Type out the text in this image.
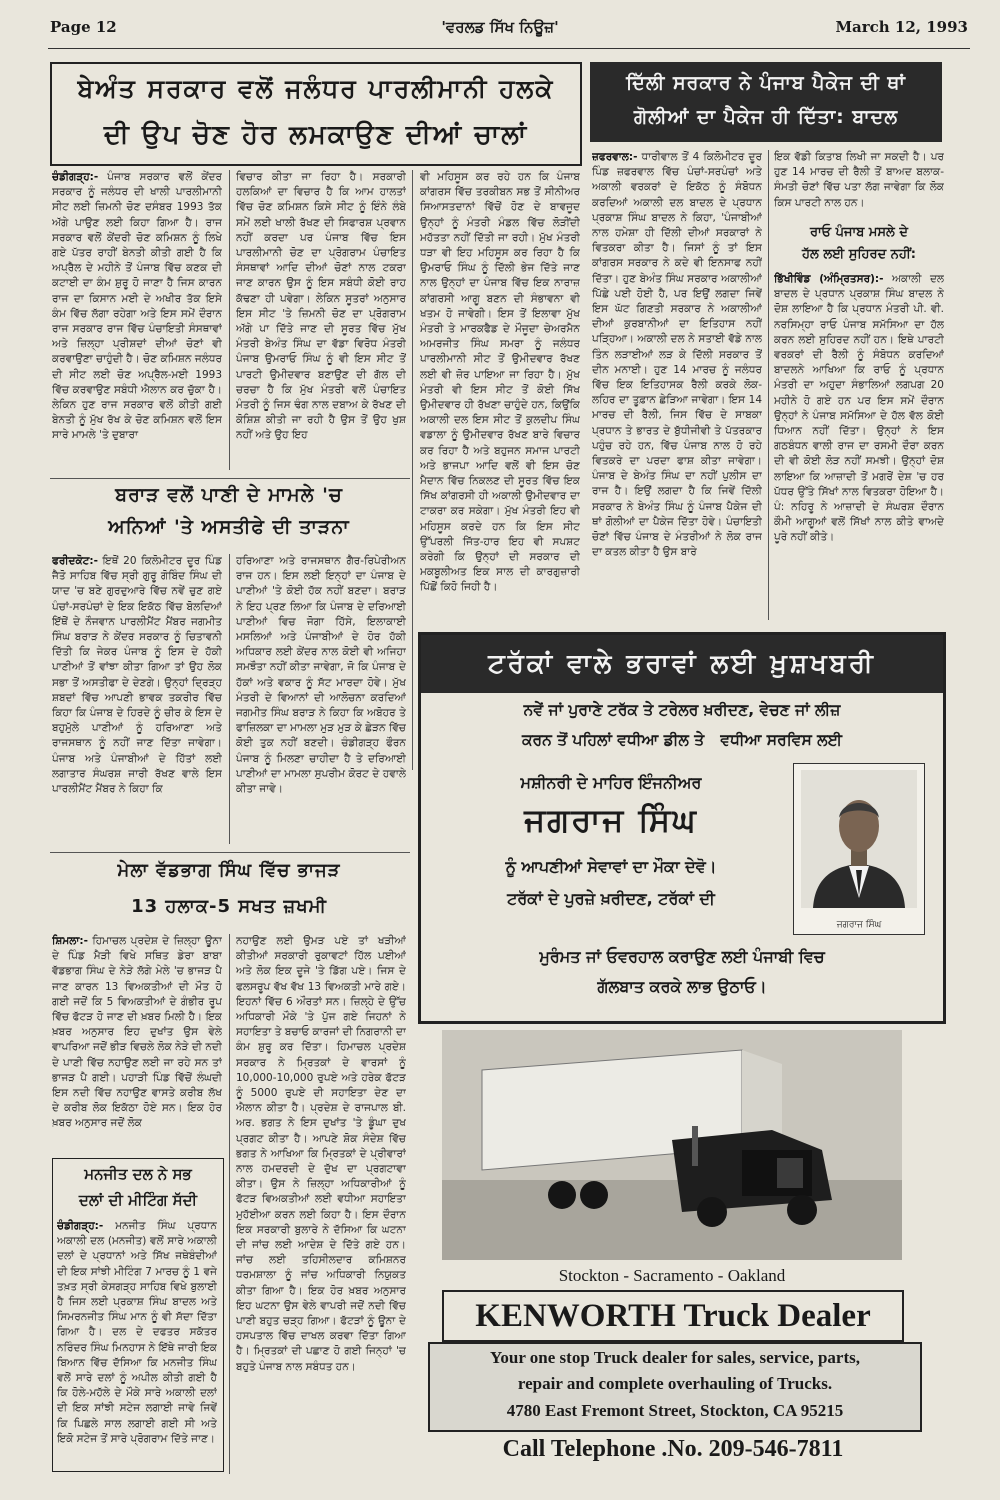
Page 12	'ਵਰਲਡ ਸਿੱਖ ਨਿਊਜ਼'	March 12, 1993
ਬੇਅੰਤ ਸਰਕਾਰ ਵਲੋਂ ਜਲੰਧਰ ਪਾਰਲੀਮਾਨੀ ਹਲਕੇ
ਦੀ ਉਪ ਚੋਣ ਹੋਰ ਲਮਕਾਉਣ ਦੀਆਂ ਚਾਲਾਂ
ਚੰਡੀਗੜ੍ਹ:- ਪੰਜਾਬ ਸਰਕਾਰ ਵਲੋਂ ਕੇਂਦਰ ਸਰਕਾਰ ਨੂੰ ਜਲੰਧਰ ਦੀ ਖਾਲੀ ਪਾਰਲੀਮਾਨੀ ਸੀਟ ਲਈ ਜ਼ਿਮਨੀ ਚੋਣ ਦਸੰਬਰ 1993 ਤੱਕ ਅੱਗੇ ਪਾਉਣ ਲਈ ਕਿਹਾ ਗਿਆ ਹੈ। ਰਾਜ ਸਰਕਾਰ ਵਲੋਂ ਕੇਂਦਰੀ ਚੋਣ ਕਮਿਸ਼ਨ ਨੂੰ ਲਿਖੇ ਗਏ ਪੱਤਰ ਰਾਹੀਂ ਬੇਨਤੀ ਕੀਤੀ ਗਈ ਹੈ ਕਿ ਅਪ੍ਰੈਲ ਦੇ ਮਹੀਨੇ ਤੋਂ ਪੰਜਾਬ ਵਿੱਚ ਕਣਕ ਦੀ ਕਟਾਈ ਦਾ ਕੰਮ ਸ਼ੁਰੂ ਹੋ ਜਾਣਾ ਹੈ ਜਿਸ ਕਾਰਨ ਰਾਜ ਦਾ ਕਿਸਾਨ ਮਈ ਦੇ ਅਖੀਰ ਤੱਕ ਇਸੇ ਕੰਮ ਵਿੱਚ ਲੱਗਾ ਰਹੇਗਾ ਅਤੇ ਇਸ ਸਮੇਂ ਦੌਰਾਨ ਰਾਜ ਸਰਕਾਰ ਰਾਜ ਵਿੱਚ ਪੰਚਾਇਤੀ ਸੰਸਥਾਵਾਂ ਅਤੇ ਜ਼ਿਲ੍ਹਾ ਪ੍ਰੀਸ਼ਦਾਂ ਦੀਆਂ ਚੋਣਾਂ ਵੀ ਕਰਵਾਉਣਾ ਚਾਹੁੰਦੀ ਹੈ। ਚੋਣ ਕਮਿਸ਼ਨ ਜਲੰਧਰ ਦੀ ਸੀਟ ਲਈ ਚੋਣ ਅਪ੍ਰੈਲ-ਮਈ 1993 ਵਿੱਚ ਕਰਵਾਉਣ ਸਬੰਧੀ ਐਲਾਨ ਕਰ ਚੁੱਕਾ ਹੈ। ਲੇਕਿਨ ਹੁਣ ਰਾਜ ਸਰਕਾਰ ਵਲੋਂ ਕੀਤੀ ਗਈ ਬੇਨਤੀ ਨੂੰ ਮੁੱਖ ਰੱਖ ਕੇ ਚੋਣ ਕਮਿਸ਼ਨ ਵਲੋਂ ਇਸ ਸਾਰੇ ਮਾਮਲੇ 'ਤੇ ਦੁਬਾਰਾ
ਵਿਚਾਰ ਕੀਤਾ ਜਾ ਰਿਹਾ ਹੈ। ਸਰਕਾਰੀ ਹਲਕਿਆਂ ਦਾ ਵਿਚਾਰ ਹੈ ਕਿ ਆਮ ਹਾਲਤਾਂ ਵਿੱਚ ਚੋਣ ਕਮਿਸ਼ਨ ਕਿਸੇ ਸੀਟ ਨੂੰ ਇੰਨੇ ਲੰਬੇ ਸਮੇਂ ਲਈ ਖਾਲੀ ਰੱਖਣ ਦੀ ਸਿਫਾਰਸ਼ ਪ੍ਰਵਾਨ ਨਹੀਂ ਕਰਦਾ ਪਰ ਪੰਜਾਬ ਵਿੱਚ ਇਸ ਪਾਰਲੀਮਾਨੀ ਚੋਣ ਦਾ ਪ੍ਰੋਗਰਾਮ ਪੰਚਾਇਤ ਸੰਸਥਾਵਾਂ ਆਦਿ ਦੀਆਂ ਚੋਣਾਂ ਨਾਲ ਟਕਰਾ ਜਾਣ ਕਾਰਨ ਉਸ ਨੂੰ ਇਸ ਸਬੰਧੀ ਕੋਈ ਰਾਹ ਕੱਢਣਾ ਹੀ ਪਵੇਗਾ। ਲੇਕਿਨ ਸੂਤਰਾਂ ਅਨੁਸਾਰ ਇਸ ਸੀਟ 'ਤੇ ਜ਼ਿਮਨੀ ਚੋਣ ਦਾ ਪ੍ਰੋਗਰਾਮ ਅੱਗੇ ਪਾ ਦਿੱਤੇ ਜਾਣ ਦੀ ਸੂਰਤ ਵਿੱਚ ਮੁੱਖ ਮੰਤਰੀ ਬੇਅੰਤ ਸਿੰਘ ਦਾ ਵੱਡਾ ਵਿਰੋਧ ਮੰਤਰੀ ਪੰਜਾਬ ਉਮਰਾਓ ਸਿੰਘ ਨੂੰ ਵੀ ਇਸ ਸੀਟ ਤੋਂ ਪਾਰਟੀ ਉਮੀਦਵਾਰ ਬਣਾਉਣ ਦੀ ਗੱਲ ਦੀ ਚਰਚਾ ਹੈ ਕਿ ਮੁੱਖ ਮੰਤਰੀ ਵਲੋਂ ਪੰਚਾਇਤ ਮੰਤਰੀ ਨੂੰ ਜਿਸ ਢੰਗ ਨਾਲ ਦਬਾਅ ਕੇ ਰੱਖਣ ਦੀ ਕੋਸ਼ਿਸ਼ ਕੀਤੀ ਜਾ ਰਹੀ ਹੈ ਉਸ ਤੋਂ ਉਹ ਖੁਸ਼ ਨਹੀਂ ਅਤੇ ਉਹ ਇਹ
ਵੀ ਮਹਿਸੂਸ ਕਰ ਰਹੇ ਹਨ ਕਿ ਪੰਜਾਬ ਕਾਂਗਰਸ ਵਿੱਚ ਤਰਕੀਬਨ ਸਭ ਤੋਂ ਸੀਨੀਅਰ ਸਿਆਸਤਦਾਨਾਂ ਵਿੱਚੋਂ ਹੋਣ ਦੇ ਬਾਵਜੂਦ ਉਨ੍ਹਾਂ ਨੂੰ ਮੰਤਰੀ ਮੰਡਲ ਵਿੱਚ ਲੋੜੀਂਦੀ ਮਹੱਤਤਾ ਨਹੀਂ ਦਿੱਤੀ ਜਾ ਰਹੀ। ਮੁੱਖ ਮੰਤਰੀ ਧੜਾ ਵੀ ਇਹ ਮਹਿਸੂਸ ਕਰ ਰਿਹਾ ਹੈ ਕਿ ਉਮਰਾਓ ਸਿੰਘ ਨੂੰ ਦਿੱਲੀ ਭੇਜ ਦਿੱਤੇ ਜਾਣ ਨਾਲ ਉਨ੍ਹਾਂ ਦਾ ਪੰਜਾਬ ਵਿੱਚ ਇਕ ਨਾਰਾਜ਼ ਕਾਂਗਰਸੀ ਆਗੂ ਬਣਨ ਦੀ ਸੰਭਾਵਨਾ ਵੀ ਖਤਮ ਹੋ ਜਾਵੇਗੀ। ਇਸ ਤੋਂ ਇਲਾਵਾ ਮੁੱਖ ਮੰਤਰੀ ਤੇ ਮਾਰਕਫੈਡ ਦੇ ਮੌਜੂਦਾ ਚੇਅਰਮੈਨ ਅਮਰਜੀਤ ਸਿੰਘ ਸਮਰਾ ਨੂੰ ਜਲੰਧਰ ਪਾਰਲੀਮਾਨੀ ਸੀਟ ਤੋਂ ਉਮੀਦਵਾਰ ਰੱਖਣ ਲਈ ਵੀ ਜ਼ੋਰ ਪਾਇਆ ਜਾ ਰਿਹਾ ਹੈ। ਮੁੱਖ ਮੰਤਰੀ ਵੀ ਇਸ ਸੀਟ ਤੋਂ ਕੋਈ ਸਿੱਖ ਉਮੀਦਵਾਰ ਹੀ ਰੱਖਣਾ ਚਾਹੁੰਦੇ ਹਨ, ਕਿਉਂਕਿ ਅਕਾਲੀ ਦਲ ਇਸ ਸੀਟ ਤੋਂ ਕੁਲਦੀਪ ਸਿੰਘ ਵਡਾਲਾ ਨੂੰ ਉਮੀਦਵਾਰ ਰੱਖਣ ਬਾਰੇ ਵਿਚਾਰ ਕਰ ਰਿਹਾ ਹੈ ਅਤੇ ਬਹੁਜਨ ਸਮਾਜ ਪਾਰਟੀ ਅਤੇ ਭਾਜਪਾ ਆਦਿ ਵਲੋਂ ਵੀ ਇਸ ਚੋਣ ਮੈਦਾਨ ਵਿੱਚ ਨਿਕਲਣ ਦੀ ਸੂਰਤ ਵਿੱਚ ਇਕ ਸਿੱਖ ਕਾਂਗਰਸੀ ਹੀ ਅਕਾਲੀ ਉਮੀਦਵਾਰ ਦਾ ਟਾਕਰਾ ਕਰ ਸਕੇਗਾ। ਮੁੱਖ ਮੰਤਰੀ ਇਹ ਵੀ ਮਹਿਸੂਸ ਕਰਦੇ ਹਨ ਕਿ ਇਸ ਸੀਟ ਉੱਪਰਲੀ ਜਿੱਤ-ਹਾਰ ਇਹ ਵੀ ਸਪਸ਼ਟ ਕਰੇਗੀ ਕਿ ਉਨ੍ਹਾਂ ਦੀ ਸਰਕਾਰ ਦੀ ਮਕਬੂਲੀਅਤ ਇਕ ਸਾਲ ਦੀ ਕਾਰਗੁਜ਼ਾਰੀ ਪਿੱਛੋਂ ਕਿਹੋ ਜਿਹੀ ਹੈ।
ਬਰਾੜ ਵਲੋਂ ਪਾਣੀ ਦੇ ਮਾਮਲੇ 'ਚ
ਅਨਿਆਂ 'ਤੇ ਅਸਤੀਫੇ ਦੀ ਤਾੜਨਾ
ਫਰੀਦਕੋਟ:- ਇਥੋਂ 20 ਕਿਲੋਮੀਟਰ ਦੂਰ ਪਿੰਡ ਜੈਤੋ ਸਾਹਿਬ ਵਿੱਚ ਸ੍ਰੀ ਗੁਰੂ ਗੋਬਿੰਦ ਸਿੰਘ ਦੀ ਯਾਦ 'ਚ ਬਣੇ ਗੁਰਦੁਆਰੇ ਵਿੱਚ ਨਵੇਂ ਚੁਣ ਗਏ ਪੰਚਾਂ-ਸਰਪੰਚਾਂ ਦੇ ਇਕ ਇਕੱਠ ਵਿੱਚ ਬੋਲਦਿਆਂ ਇੱਥੋਂ ਦੇ ਨੌਜਵਾਨ ਪਾਰਲੀਮੈਂਟ ਮੈਂਬਰ ਜਗਮੀਤ ਸਿੰਘ ਬਰਾੜ ਨੇ ਕੇਂਦਰ ਸਰਕਾਰ ਨੂੰ ਚਿਤਾਵਨੀ ਦਿੱਤੀ ਕਿ ਜੇਕਰ ਪੰਜਾਬ ਨੂੰ ਇਸ ਦੇ ਹੱਕੀ ਪਾਣੀਆਂ ਤੋਂ ਵਾਂਝਾ ਕੀਤਾ ਗਿਆ ਤਾਂ ਉਹ ਲੋਕ ਸਭਾ ਤੋਂ ਅਸਤੀਫਾ ਦੇ ਦੇਣਗੇ। ਉਨ੍ਹਾਂ ਦ੍ਰਿੜ੍ਹ ਸ਼ਬਦਾਂ ਵਿੱਚ ਆਪਣੀ ਭਾਵਕ ਤਕਰੀਰ ਵਿੱਚ ਕਿਹਾ ਕਿ ਪੰਜਾਬ ਦੇ ਹਿਰਦੇ ਨੂੰ ਚੀਰ ਕੇ ਇਸ ਦੇ ਬਹੁਮੁੱਲੇ ਪਾਣੀਆਂ ਨੂੰ ਹਰਿਆਣਾ ਅਤੇ ਰਾਜਸਥਾਨ ਨੂੰ ਨਹੀਂ ਜਾਣ ਦਿੱਤਾ ਜਾਵੇਗਾ। ਪੰਜਾਬ ਅਤੇ ਪੰਜਾਬੀਆਂ ਦੇ ਹਿੱਤਾਂ ਲਈ ਲਗਾਤਾਰ ਸੰਘਰਸ਼ ਜਾਰੀ ਰੱਖਣ ਵਾਲੇ ਇਸ ਪਾਰਲੀਮੈਂਟ ਮੈਂਬਰ ਨੇ ਕਿਹਾ ਕਿ
ਹਰਿਆਣਾ ਅਤੇ ਰਾਜਸਥਾਨ ਗੈਰ-ਰਿਪੇਰੀਅਨ ਰਾਜ ਹਨ। ਇਸ ਲਈ ਇਨ੍ਹਾਂ ਦਾ ਪੰਜਾਬ ਦੇ ਪਾਣੀਆਂ 'ਤੇ ਕੋਈ ਹੱਕ ਨਹੀਂ ਬਣਦਾ। ਬਰਾੜ ਨੇ ਇਹ ਪ੍ਰਣ ਲਿਆ ਕਿ ਪੰਜਾਬ ਦੇ ਦਰਿਆਈ ਪਾਣੀਆਂ ਵਿਚ ਜੋਗਾ ਹਿੱਸੇ, ਇਲਾਕਾਈ ਮਸਲਿਆਂ ਅਤੇ ਪੰਜਾਬੀਆਂ ਦੇ ਹੋਰ ਹੱਕੀ ਅਧਿਕਾਰ ਲਈ ਕੇਂਦਰ ਨਾਲ ਕੋਈ ਵੀ ਅਜਿਹਾ ਸਮਝੌਤਾ ਨਹੀਂ ਕੀਤਾ ਜਾਵੇਗਾ, ਜੋ ਕਿ ਪੰਜਾਬ ਦੇ ਹੱਕਾਂ ਅਤੇ ਵਕਾਰ ਨੂੰ ਸੱਟ ਮਾਰਦਾ ਹੋਵੇ। ਮੁੱਖ ਮੰਤਰੀ ਦੇ ਵਿਆਨਾਂ ਦੀ ਆਲੋਚਨਾ ਕਰਦਿਆਂ ਜਗਮੀਤ ਸਿੰਘ ਬਰਾੜ ਨੇ ਕਿਹਾ ਕਿ ਅਬੋਹਰ ਤੇ ਫਾਜ਼ਿਲਕਾ ਦਾ ਮਾਮਲਾ ਮੁੜ ਮੁੜ ਕੇ ਛੇੜਨ ਵਿੱਚ ਕੋਈ ਤੁਕ ਨਹੀਂ ਬਣਦੀ। ਚੰਡੀਗੜ੍ਹ ਫੌਰਨ ਪੰਜਾਬ ਨੂੰ ਮਿਲਣਾ ਚਾਹੀਦਾ ਹੈ ਤੇ ਦਰਿਆਈ ਪਾਣੀਆਂ ਦਾ ਮਾਮਲਾ ਸੁਪਰੀਮ ਕੋਰਟ ਦੇ ਹਵਾਲੇ ਕੀਤਾ ਜਾਵੇ।
ਮੇਲਾ ਵੱਡਭਾਗ ਸਿੰਘ ਵਿੱਚ ਭਾਜੜ
13 ਹਲਾਕ-5 ਸਖਤ ਜ਼ਖਮੀ
ਸ਼ਿਮਲਾ:- ਹਿਮਾਚਲ ਪ੍ਰਦੇਸ਼ ਦੇ ਜ਼ਿਲ੍ਹਾ ਊਨਾ ਦੇ ਪਿੰਡ ਮੈੜੀ ਵਿਖੇ ਸਥਿਤ ਡੇਰਾ ਬਾਬਾ ਵੱਡਭਾਗ ਸਿੰਘ ਦੇ ਨੇੜੇ ਲੱਗੇ ਮੇਲੇ 'ਚ ਭਾਜੜ ਪੈ ਜਾਣ ਕਾਰਨ 13 ਵਿਅਕਤੀਆਂ ਦੀ ਮੌਤ ਹੋ ਗਈ ਜਦੋਂ ਕਿ 5 ਵਿਅਕਤੀਆਂ ਦੇ ਗੰਭੀਰ ਰੂਪ ਵਿੱਚ ਫੱਟੜ ਹੋ ਜਾਣ ਦੀ ਖ਼ਬਰ ਮਿਲੀ ਹੈ। ਇਕ ਖ਼ਬਰ ਅਨੁਸਾਰ ਇਹ ਦੁਖਾਂਤ ਉਸ ਵੇਲੇ ਵਾਪਰਿਆ ਜਦੋਂ ਭੀੜ ਵਿਚਲੇ ਲੋਕ ਨੇੜੇ ਦੀ ਨਦੀ ਦੇ ਪਾਣੀ ਵਿੱਚ ਨਹਾਉਣ ਲਈ ਜਾ ਰਹੇ ਸਨ ਤਾਂ ਭਾਜੜ ਪੈ ਗਈ। ਪਹਾੜੀ ਪਿੰਡ ਵਿੱਚੋਂ ਲੰਘਦੀ ਇਸ ਨਦੀ ਵਿੱਚ ਨਹਾਉਣ ਵਾਸਤੇ ਕਰੀਬ ਲੱਖ ਦੇ ਕਰੀਬ ਲੋਕ ਇਕੱਠਾ ਹੋਏ ਸਨ। ਇਕ ਹੋਰ ਖ਼ਬਰ ਅਨੁਸਾਰ ਜਦੋਂ ਲੋਕ
ਨਹਾਉਣ ਲਈ ਉਮੜ ਪਏ ਤਾਂ ਖੜੀਆਂ ਕੀਤੀਆਂ ਸਰਕਾਰੀ ਰੁਕਾਵਟਾਂ ਹਿੱਲ ਪਈਆਂ ਅਤੇ ਲੋਕ ਇਕ ਦੂਜੇ 'ਤੇ ਡਿੱਗ ਪਏ। ਜਿਸ ਦੇ ਫਲਸਰੂਪ ਵੱਖ ਵੱਖ 13 ਵਿਅਕਤੀ ਮਾਰੇ ਗਏ। ਇਹਨਾਂ ਵਿੱਚ 6 ਔਰਤਾਂ ਸਨ। ਜ਼ਿਲ੍ਹੇ ਦੇ ਉੱਚ ਅਧਿਕਾਰੀ ਮੌਕੇ 'ਤੇ ਪੁੱਜ ਗਏ ਜਿਹਨਾਂ ਨੇ ਸਹਾਇਤਾ ਤੇ ਬਚਾਓ ਕਾਰਜਾਂ ਦੀ ਨਿਗਰਾਨੀ ਦਾ ਕੰਮ ਸ਼ੁਰੂ ਕਰ ਦਿੱਤਾ। ਹਿਮਾਚਲ ਪ੍ਰਦੇਸ਼ ਸਰਕਾਰ ਨੇ ਮ੍ਰਿਤਕਾਂ ਦੇ ਵਾਰਸਾਂ ਨੂੰ 10,000-10,000 ਰੁਪਏ ਅਤੇ ਹਰੇਕ ਫੱਟੜ ਨੂੰ 5000 ਰੁਪਏ ਦੀ ਸਹਾਇਤਾ ਦੇਣ ਦਾ ਐਲਾਨ ਕੀਤਾ ਹੈ। ਪ੍ਰਦੇਸ਼ ਦੇ ਰਾਜਪਾਲ ਬੀ. ਅਰ. ਭਗਤ ਨੇ ਇਸ ਦੁਖਾਂਤ 'ਤੇ ਡੂੰਘਾ ਦੁਖ ਪ੍ਰਗਟ ਕੀਤਾ ਹੈ। ਆਪਣੇ ਸ਼ੋਕ ਸੰਦੇਸ਼ ਵਿੱਚ ਭਗਤ ਨੇ ਆਖਿਆ ਕਿ ਮ੍ਰਿਤਕਾਂ ਦੇ ਪ੍ਰੀਵਾਰਾਂ ਨਾਲ ਹਮਦਰਦੀ ਦੇ ਦੁੱਖ ਦਾ ਪ੍ਰਗਟਾਵਾ ਕੀਤਾ। ਉਸ ਨੇ ਜ਼ਿਲ੍ਹਾ ਅਧਿਕਾਰੀਆਂ ਨੂੰ ਫੱਟੜ ਵਿਅਕਤੀਆਂ ਲਈ ਵਧੀਆ ਸਹਾਇਤਾ ਮੁਹੱਈਆ ਕਰਨ ਲਈ ਕਿਹਾ ਹੈ। ਇਸ ਦੌਰਾਨ ਇਕ ਸਰਕਾਰੀ ਬੁਲਾਰੇ ਨੇ ਦੱਸਿਆ ਕਿ ਘਟਨਾ ਦੀ ਜਾਂਚ ਲਈ ਆਦੇਸ਼ ਦੇ ਦਿੱਤੇ ਗਏ ਹਨ। ਜਾਂਚ ਲਈ ਤਹਿਸੀਲਦਾਰ ਕਮਿਸ਼ਨਰ ਧਰਮਸ਼ਾਲਾ ਨੂੰ ਜਾਂਚ ਅਧਿਕਾਰੀ ਨਿਯੁਕਤ ਕੀਤਾ ਗਿਆ ਹੈ। ਇਕ ਹੋਰ ਖ਼ਬਰ ਅਨੁਸਾਰ ਇਹ ਘਟਨਾ ਉਸ ਵੇਲੇ ਵਾਪਰੀ ਜਦੋਂ ਨਦੀ ਵਿੱਚ ਪਾਣੀ ਬਹੁਤ ਚੜ੍ਹ ਗਿਆ। ਫੱਟੜਾਂ ਨੂੰ ਊਨਾ ਦੇ ਹਸਪਤਾਲ ਵਿੱਚ ਦਾਖਲ ਕਰਵਾ ਦਿੱਤਾ ਗਿਆ ਹੈ। ਮ੍ਰਿਤਕਾਂ ਦੀ ਪਛਾਣ ਹੋ ਗਈ ਜਿਨ੍ਹਾਂ 'ਚ ਬਹੁਤੇ ਪੰਜਾਬ ਨਾਲ ਸਬੰਧਤ ਹਨ।
ਮਨਜੀਤ ਦਲ ਨੇ ਸਭ
ਦਲਾਂ ਦੀ ਮੀਟਿੰਗ ਸੱਦੀ
ਚੰਡੀਗੜ੍ਹ:- ਮਨਜੀਤ ਸਿੰਘ ਪ੍ਰਧਾਨ ਅਕਾਲੀ ਦਲ (ਮਨਜੀਤ) ਵਲੋਂ ਸਾਰੇ ਅਕਾਲੀ ਦਲਾਂ ਦੇ ਪ੍ਰਧਾਨਾਂ ਅਤੇ ਸਿੱਖ ਜਥੇਬੰਦੀਆਂ ਦੀ ਇਕ ਸਾਂਝੀ ਮੀਟਿੰਗ 7 ਮਾਰਚ ਨੂੰ 1 ਵਜੇ ਤਖ਼ਤ ਸ੍ਰੀ ਕੇਸਗੜ੍ਹ ਸਾਹਿਬ ਵਿਖੇ ਬੁਲਾਈ ਹੈ ਜਿਸ ਲਈ ਪ੍ਰਕਾਸ਼ ਸਿੰਘ ਬਾਦਲ ਅਤੇ ਸਿਮਰਨਜੀਤ ਸਿੰਘ ਮਾਨ ਨੂੰ ਵੀ ਸੱਦਾ ਦਿੱਤਾ ਗਿਆ ਹੈ। ਦਲ ਦੇ ਦਫਤਰ ਸਕੱਤਰ ਨਰਿੰਦਰ ਸਿੰਘ ਮਿਨਹਾਸ ਨੇ ਇੱਥੇ ਜਾਰੀ ਇਕ ਬਿਆਨ ਵਿੱਚ ਦੱਸਿਆ ਕਿ ਮਨਜੀਤ ਸਿੰਘ ਵਲੋਂ ਸਾਰੇ ਦਲਾਂ ਨੂੰ ਅਪੀਲ ਕੀਤੀ ਗਈ ਹੈ ਕਿ ਹੋਲੇ-ਮਹੱਲੇ ਦੇ ਮੌਕੇ ਸਾਰੇ ਅਕਾਲੀ ਦਲਾਂ ਦੀ ਇਕ ਸਾਂਝੀ ਸਟੇਜ ਲਗਾਈ ਜਾਵੇ ਜਿਵੇਂ ਕਿ ਪਿਛਲੇ ਸਾਲ ਲਗਾਈ ਗਈ ਸੀ ਅਤੇ ਇਕੋ ਸਟੇਜ ਤੋਂ ਸਾਰੇ ਪ੍ਰੋਗਰਾਮ ਦਿੱਤੇ ਜਾਣ।
ਦਿੱਲੀ ਸਰਕਾਰ ਨੇ ਪੰਜਾਬ ਪੈਕੇਜ ਦੀ ਥਾਂ
ਗੋਲੀਆਂ ਦਾ ਪੈਕੇਜ ਹੀ ਦਿੱਤਾ: ਬਾਦਲ
ਜ਼ਫਰਵਾਲ:- ਧਾਰੀਵਾਲ ਤੋਂ 4 ਕਿਲੋਮੀਟਰ ਦੂਰ ਪਿੰਡ ਜ਼ਫਰਵਾਲ ਵਿੱਚ ਪੰਚਾਂ-ਸਰਪੰਚਾਂ ਅਤੇ ਅਕਾਲੀ ਵਰਕਰਾਂ ਦੇ ਇਕੱਠ ਨੂੰ ਸੰਬੋਧਨ ਕਰਦਿਆਂ ਅਕਾਲੀ ਦਲ ਬਾਦਲ ਦੇ ਪ੍ਰਧਾਨ ਪ੍ਰਕਾਸ਼ ਸਿੰਘ ਬਾਦਲ ਨੇ ਕਿਹਾ, 'ਪੰਜਾਬੀਆਂ ਨਾਲ ਹਮੇਸ਼ਾ ਹੀ ਦਿੱਲੀ ਦੀਆਂ ਸਰਕਾਰਾਂ ਨੇ ਵਿਤਕਰਾ ਕੀਤਾ ਹੈ। ਜਿਸਾਂ ਨੂੰ ਤਾਂ ਇਸ ਕਾਂਗਰਸ ਸਰਕਾਰ ਨੇ ਕਦੇ ਵੀ ਇਨਸਾਫ ਨਹੀਂ ਦਿੱਤਾ। ਹੁਣ ਬੇਅੰਤ ਸਿੰਘ ਸਰਕਾਰ ਅਕਾਲੀਆਂ ਪਿੱਛੇ ਪਈ ਹੋਈ ਹੈ, ਪਰ ਇਉਂ ਲਗਦਾ ਜਿਵੇਂ ਇਸ ਘੱਟ ਗਿਣਤੀ ਸਰਕਾਰ ਨੇ ਅਕਾਲੀਆਂ ਦੀਆਂ ਕੁਰਬਾਨੀਆਂ ਦਾ ਇਤਿਹਾਸ ਨਹੀਂ ਪੜ੍ਹਿਆ। ਅਕਾਲੀ ਦਲ ਨੇ ਸਤਾਈ ਵੱਡੇ ਨਾਲ ਤਿੰਨ ਲੜਾਈਆਂ ਲੜ ਕੇ ਦਿੱਲੀ ਸਰਕਾਰ ਤੋਂ ਦੀਨ ਮਨਾਈ। ਹੁਣ 14 ਮਾਰਚ ਨੂੰ ਜਲੰਧਰ ਵਿੱਚ ਇਕ ਇਤਿਹਾਸਕ ਰੈਲੀ ਕਰਕੇ ਲੋਕ-ਲਹਿਰ ਦਾ ਤੂਫ਼ਾਨ ਛੇੜਿਆ ਜਾਵੇਗਾ। ਇਸ 14 ਮਾਰਚ ਦੀ ਰੈਲੀ, ਜਿਸ ਵਿੱਚ ਦੇ ਸਾਬਕਾ ਪ੍ਰਧਾਨ ਤੇ ਭਾਰਤ ਦੇ ਬੁੱਧੀਜੀਵੀ ਤੇ ਪੱਤਰਕਾਰ ਪਹੁੰਚ ਰਹੇ ਹਨ, ਵਿੱਚ ਪੰਜਾਬ ਨਾਲ ਹੋ ਰਹੇ ਵਿਤਕਰੇ ਦਾ ਪਰਦਾ ਫਾਸ਼ ਕੀਤਾ ਜਾਵੇਗਾ। ਪੰਜਾਬ ਦੇ ਬੇਅੰਤ ਸਿੰਘ ਦਾ ਨਹੀਂ ਪੁਲੀਸ ਦਾ ਰਾਜ ਹੈ। ਇਉਂ ਲਗਦਾ ਹੈ ਕਿ ਜਿਵੇਂ ਦਿੱਲੀ ਸਰਕਾਰ ਨੇ ਬੇਅੰਤ ਸਿੰਘ ਨੂੰ ਪੰਜਾਬ ਪੈਕੇਜ ਦੀ ਥਾਂ ਗੋਲੀਆਂ ਦਾ ਪੈਕੇਜ ਦਿੱਤਾ ਹੋਵੇ। ਪੰਚਾਇਤੀ ਚੋਣਾਂ ਵਿੱਚ ਪੰਜਾਬ ਦੇ ਮੰਤਰੀਆਂ ਨੇ ਲੋਕ ਰਾਜ ਦਾ ਕਤਲ ਕੀਤਾ ਹੈ ਉਸ ਬਾਰੇ
ਇਕ ਵੱਡੀ ਕਿਤਾਬ ਲਿਖੀ ਜਾ ਸਕਦੀ ਹੈ। ਪਰ ਹੁਣ 14 ਮਾਰਚ ਦੀ ਰੈਲੀ ਤੋਂ ਬਾਅਦ ਬਲਾਕ-ਸੰਮਤੀ ਚੋਣਾਂ ਵਿੱਚ ਪਤਾ ਲੱਗ ਜਾਵੇਗਾ ਕਿ ਲੋਕ ਕਿਸ ਪਾਰਟੀ ਨਾਲ ਹਨ।
ਰਾਓ ਪੰਜਾਬ ਮਸਲੇ ਦੇ
ਹੱਲ ਲਈ ਸੁਹਿਰਦ ਨਹੀਂ:
ਭਿੱਖੀਵਿੰਡ (ਅੰਮ੍ਰਿਤਸਰ):- ਅਕਾਲੀ ਦਲ ਬਾਦਲ ਦੇ ਪ੍ਰਧਾਨ ਪ੍ਰਕਾਸ਼ ਸਿੰਘ ਬਾਦਲ ਨੇ ਦੋਸ਼ ਲਾਇਆ ਹੈ ਕਿ ਪ੍ਰਧਾਨ ਮੰਤਰੀ ਪੀ. ਵੀ. ਨਰਸਿਮ੍ਹਾ ਰਾਓ ਪੰਜਾਬ ਸਮੱਸਿਆ ਦਾ ਹੱਲ ਕਰਨ ਲਈ ਸੁਹਿਰਦ ਨਹੀਂ ਹਨ। ਇਥੇ ਪਾਰਟੀ ਵਰਕਰਾਂ ਦੀ ਰੈਲੀ ਨੂੰ ਸੰਬੋਧਨ ਕਰਦਿਆਂ ਬਾਦਲਨੇ ਆਖਿਆ ਕਿ ਰਾਓ ਨੂੰ ਪ੍ਰਧਾਨ ਮੰਤਰੀ ਦਾ ਅਹੁਦਾ ਸੰਭਾਲਿਆਂ ਲਗਪਗ 20 ਮਹੀਨੇ ਹੋ ਗਏ ਹਨ ਪਰ ਇਸ ਸਮੇਂ ਦੌਰਾਨ ਉਨ੍ਹਾਂ ਨੇ ਪੰਜਾਬ ਸਮੱਸਿਆ ਦੇ ਹੱਲ ਵੱਲ ਕੋਈ ਧਿਆਨ ਨਹੀਂ ਦਿੱਤਾ। ਉਨ੍ਹਾਂ ਨੇ ਇਸ ਗਠਬੰਧਨ ਵਾਲੀ ਰਾਜ ਦਾ ਰਸਮੀ ਦੌਰਾ ਕਰਨ ਦੀ ਵੀ ਕੋਈ ਲੋੜ ਨਹੀਂ ਸਮਝੀ। ਉਨ੍ਹਾਂ ਦੋਸ਼ ਲਾਇਆ ਕਿ ਆਜ਼ਾਦੀ ਤੋਂ ਮਗਰੋਂ ਦੇਸ਼ 'ਚ ਹਰ ਪੱਧਰ ਉੱਤੇ ਸਿੱਖਾਂ ਨਾਲ ਵਿਤਕਰਾ ਹੋਇਆ ਹੈ। ਪੰ: ਨਹਿਰੂ ਨੇ ਆਜ਼ਾਦੀ ਦੇ ਸੰਘਰਸ਼ ਦੌਰਾਨ ਕੌਮੀ ਆਗੂਆਂ ਵਲੋਂ ਸਿੱਖਾਂ ਨਾਲ ਕੀਤੇ ਵਾਅਦੇ ਪੂਰੇ ਨਹੀਂ ਕੀਤੇ।
ਟਰੱਕਾਂ ਵਾਲੇ ਭਰਾਵਾਂ ਲਈ ਖ਼ੁਸ਼ਖਬਰੀ
ਨਵੇਂ ਜਾਂ ਪੁਰਾਣੇ ਟਰੱਕ ਤੇ ਟਰੇਲਰ ਖ਼ਰੀਦਣ, ਵੇਚਣ ਜਾਂ ਲੀਜ਼
ਕਰਨ ਤੋਂ ਪਹਿਲਾਂ ਵਧੀਆ ਡੀਲ ਤੇ   ਵਧੀਆ ਸਰਵਿਸ ਲਈ
ਮਸ਼ੀਨਰੀ ਦੇ ਮਾਹਿਰ ਇੰਜਨੀਅਰ
ਜਗਰਾਜ ਸਿੰਘ
ਜਗਰਾਜ ਸਿੰਘ
ਨੂੰ ਆਪਣੀਆਂ ਸੇਵਾਵਾਂ ਦਾ ਮੌਕਾ ਦੇਵੋ।
ਟਰੱਕਾਂ ਦੇ ਪੁਰਜ਼ੇ ਖ਼ਰੀਦਣ, ਟਰੱਕਾਂ ਦੀ
ਮੁਰੰਮਤ ਜਾਂ ਓਵਰਹਾਲ ਕਰਾਉਣ ਲਈ ਪੰਜਾਬੀ ਵਿਚ
ਗੱਲਬਾਤ ਕਰਕੇ ਲਾਭ ਉਠਾਓ।
Stockton - Sacramento - Oakland
KENWORTH Truck Dealer
Your one stop Truck dealer for sales, service, parts,
repair and complete overhauling of Trucks.
4780 East Fremont Street, Stockton, CA 95215
Call Telephone .No. 209-546-7811
